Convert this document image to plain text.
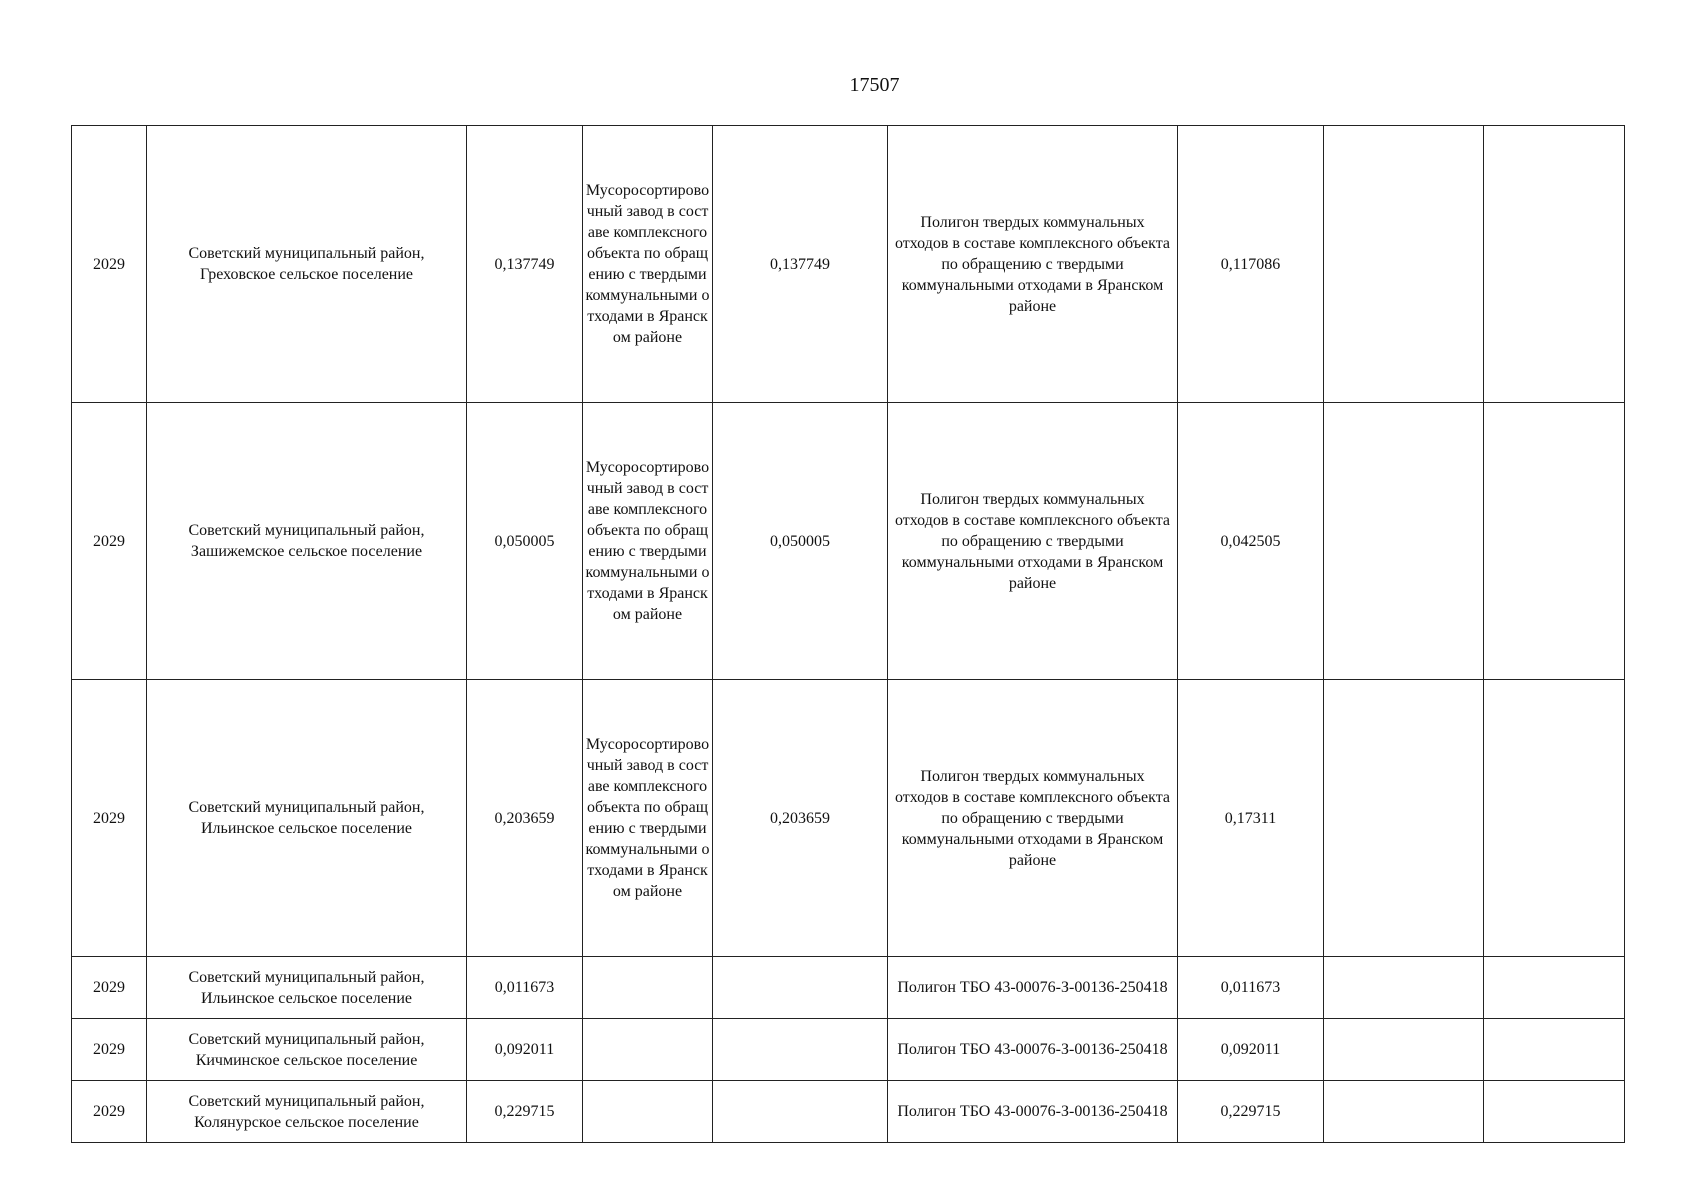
17507
2029	Советский муниципальный район, Греховское сельское поселение	0,137749	Мусоросортировочный завод в составе комплексного объекта по обращению с твердыми коммунальными отходами в Яранском районе	0,137749	Полигон твердых коммунальных отходов в составе комплексного объекта по обращению с твердыми коммунальными отходами в Яранском районе	0,117086		

2029	Советский муниципальный район, Зашижемское сельское поселение	0,050005	Мусоросортировочный завод в составе комплексного объекта по обращению с твердыми коммунальными отходами в Яранском районе	0,050005	Полигон твердых коммунальных отходов в составе комплексного объекта по обращению с твердыми коммунальными отходами в Яранском районе	0,042505		

2029	Советский муниципальный район, Ильинское сельское поселение	0,203659	Мусоросортировочный завод в составе комплексного объекта по обращению с твердыми коммунальными отходами в Яранском районе	0,203659	Полигон твердых коммунальных отходов в составе комплексного объекта по обращению с твердыми коммунальными отходами в Яранском районе	0,17311		

2029	Советский муниципальный район, Ильинское сельское поселение	0,011673			Полигон ТБО 43-00076-З-00136-250418	0,011673		

2029	Советский муниципальный район, Кичминское сельское поселение	0,092011			Полигон ТБО 43-00076-З-00136-250418	0,092011		

2029	Советский муниципальный район, Колянурское сельское поселение	0,229715			Полигон ТБО 43-00076-З-00136-250418	0,229715		
